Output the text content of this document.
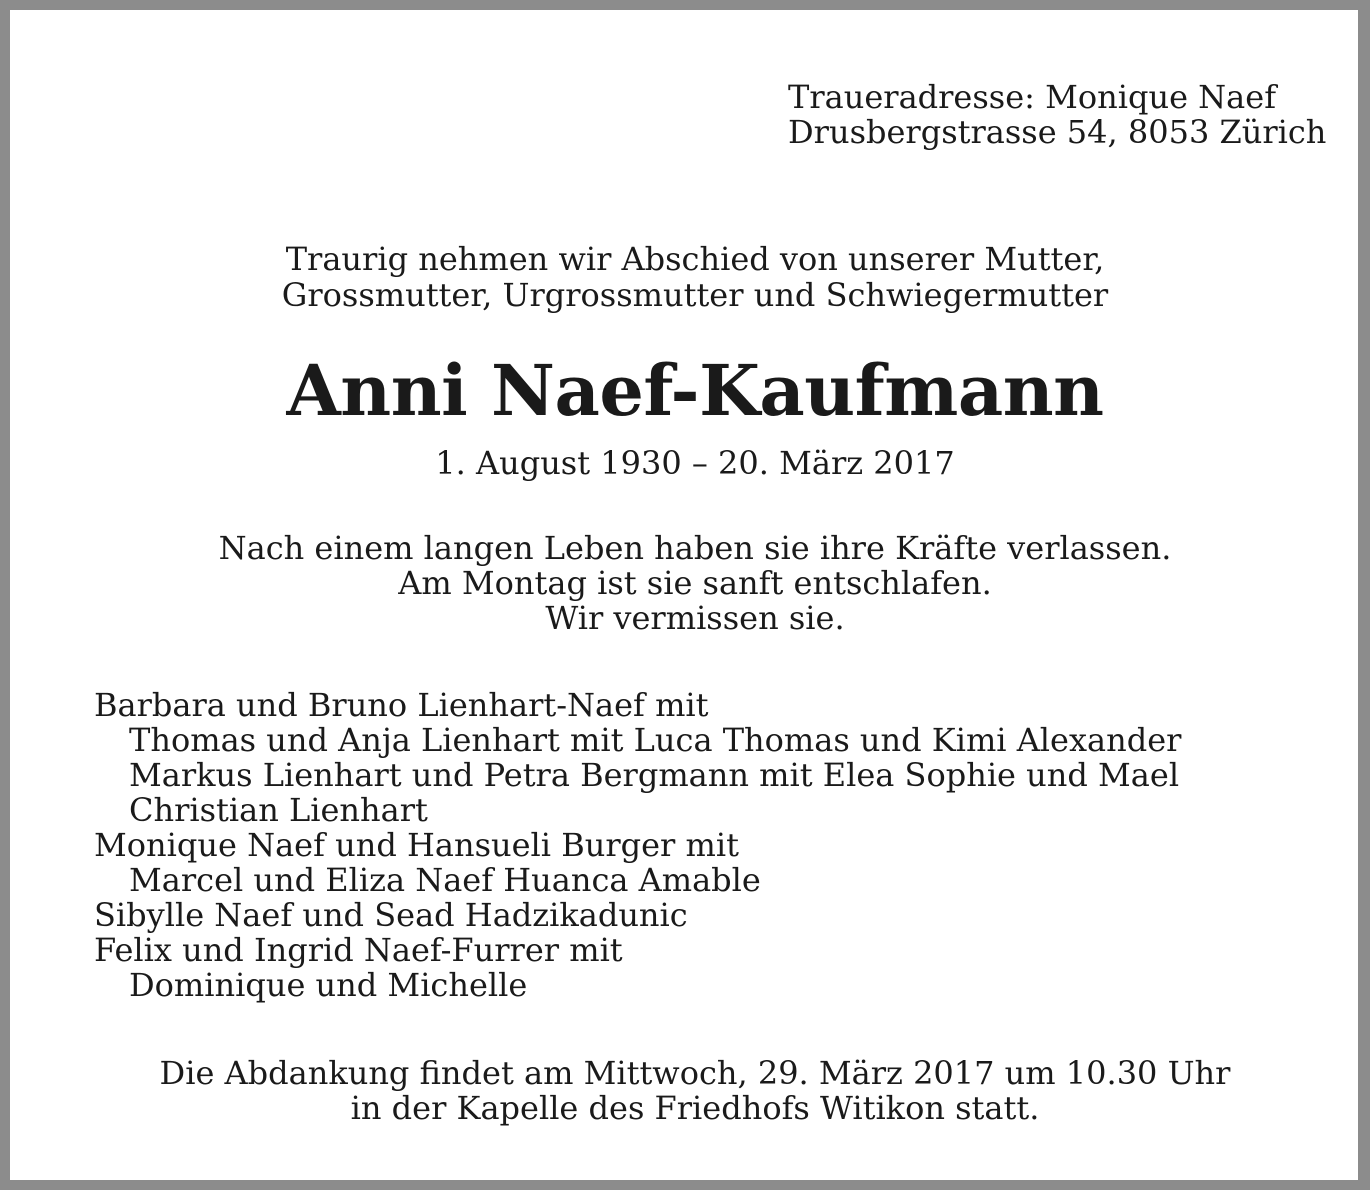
Traueradresse: Monique Naef
Drusbergstrasse 54, 8053 Zürich
Traurig nehmen wir Abschied von unserer Mutter,
Grossmutter, Urgrossmutter und Schwiegermutter
Anni Naef-Kaufmann
1. August 1930 – 20. März 2017
Nach einem langen Leben haben sie ihre Kräfte verlassen.
Am Montag ist sie sanft entschlafen.
Wir vermissen sie.
Barbara und Bruno Lienhart-Naef mit
Thomas und Anja Lienhart mit Luca Thomas und Kimi Alexander
Markus Lienhart und Petra Bergmann mit Elea Sophie und Mael
Christian Lienhart
Monique Naef und Hansueli Burger mit
Marcel und Eliza Naef Huanca Amable
Sibylle Naef und Sead Hadzikadunic
Felix und Ingrid Naef-Furrer mit
Dominique und Michelle
Die Abdankung findet am Mittwoch, 29. März 2017 um 10.30 Uhr
in der Kapelle des Friedhofs Witikon statt.
